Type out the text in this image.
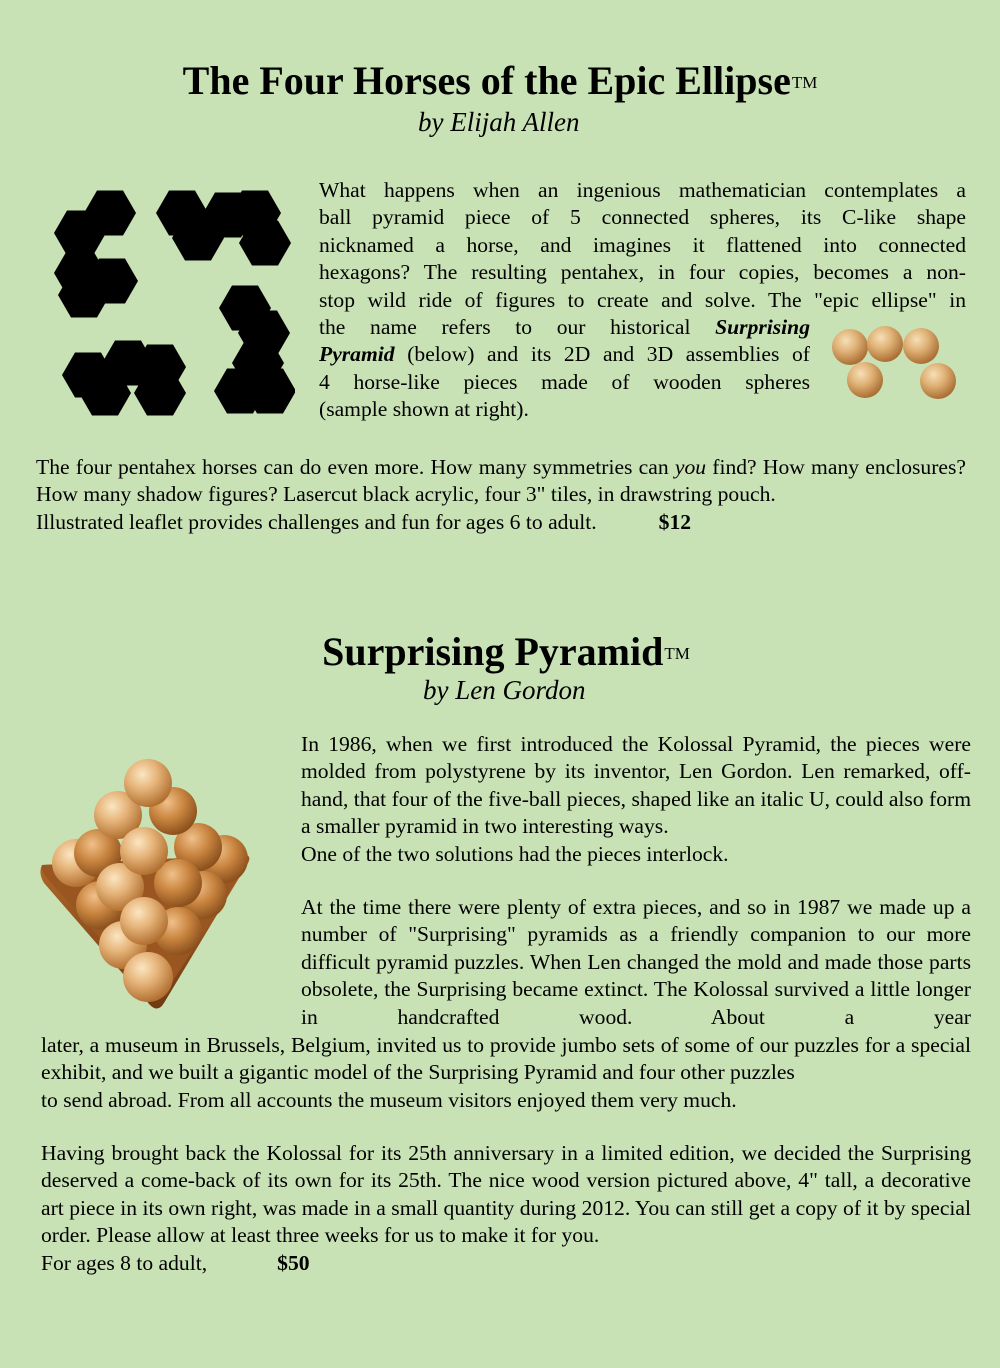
The Four Horses of the Epic EllipseTM
by Elijah Allen
What happens when an ingenious mathematician contemplates a
ball pyramid piece of 5 connected spheres, its C-like shape
nicknamed a horse, and imagines it flattened into connected
hexagons? The resulting pentahex, in four copies, becomes a non-
stop wild ride of figures to create and solve. The "epic ellipse" in
the name refers to our historical Surprising
Pyramid (below) and its 2D and 3D assemblies of
4 horse-like pieces made of wooden spheres
(sample shown at right).
The four pentahex horses can do even more. How many symmetries can you find? How many enclosures? How many shadow figures? Lasercut black acrylic, four 3" tiles, in drawstring pouch.
Illustrated leaflet provides challenges and fun for ages 6 to adult.	$12
Surprising PyramidTM
by Len Gordon
In 1986, when we first introduced the Kolossal Pyramid, the pieces were molded from polystyrene by its inventor, Len Gordon. Len remarked, off-hand, that four of the five-ball pieces, shaped like an italic U, could also form a smaller pyramid in two interesting ways.
One of the two solutions had the pieces interlock.
At the time there were plenty of extra pieces, and so in 1987 we made up a number of "Surprising" pyramids as a friendly companion to our more difficult pyramid puzzles. When Len changed the mold and made those parts obsolete, the Surprising became extinct. The Kolossal survived a little longer in handcrafted wood. About a year
later, a museum in Brussels, Belgium, invited us to provide jumbo sets of some of our puzzles for a special exhibit, and we built a gigantic model of the Surprising Pyramid and four other puzzles
to send abroad. From all accounts the museum visitors enjoyed them very much.
Having brought back the Kolossal for its 25th anniversary in a limited edition, we decided the Surprising deserved a come-back of its own for its 25th. The nice wood version pictured above, 4" tall, a decorative art piece in its own right, was made in a small quantity during 2012. You can still get a copy of it by special order. Please allow at least three weeks for us to make it for you.
For ages 8 to adult,	$50
